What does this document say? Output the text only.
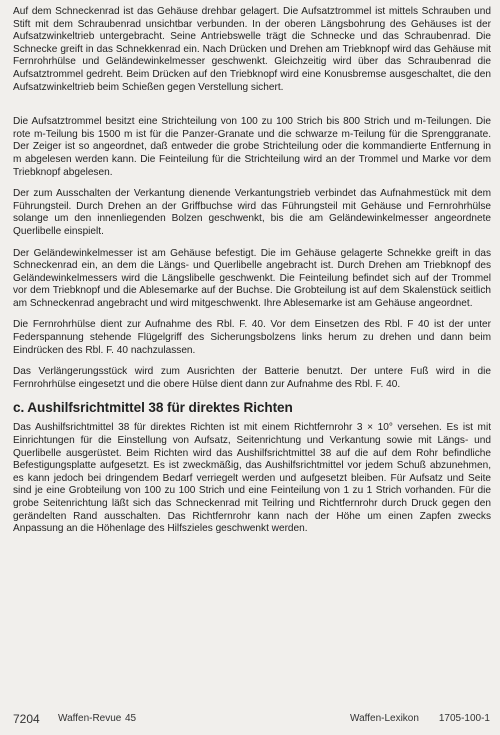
Auf dem Schneckenrad ist das Gehäuse drehbar gelagert. Die Aufsatztrommel ist mittels Schrauben und Stift mit dem Schraubenrad unsichtbar verbunden. In der oberen Längsbohrung des Gehäuses ist der Aufsatzwinkeltrieb untergebracht. Seine Antriebswelle trägt die Schnecke und das Schraubenrad. Die Schnecke greift in das Schnekkenrad ein. Nach Drücken und Drehen am Triebknopf wird das Gehäuse mit Fernrohrhülse und Geländewinkelmesser geschwenkt. Gleichzeitig wird über das Schraubenrad die Aufsatztrommel gedreht. Beim Drücken auf den Triebknopf wird eine Konusbremse ausgeschaltet, die den Aufsatzwinkeltrieb beim Schießen gegen Verstellung sichert.

Die Aufsatztrommel besitzt eine Strichteilung von 100 zu 100 Strich bis 800 Strich und m-Teilungen. Die rote m-Teilung bis 1500 m ist für die Panzer-Granate und die schwarze m-Teilung für die Sprenggranate. Der Zeiger ist so angeordnet, daß entweder die grobe Strichteilung oder die kommandierte Entfernung in m abgelesen werden kann. Die Feinteilung für die Strichteilung wird an der Trommel und Marke vor dem Triebknopf abgelesen.

Der zum Ausschalten der Verkantung dienende Verkantungstrieb verbindet das Aufnahmestück mit dem Führungsteil. Durch Drehen an der Griffbuchse wird das Führungsteil mit Gehäuse und Fernrohrhülse solange um den innenliegenden Bolzen geschwenkt, bis die am Geländewinkelmesser angeordnete Querlibelle einspielt.

Der Geländewinkelmesser ist am Gehäuse befestigt. Die im Gehäuse gelagerte Schnekke greift in das Schneckenrad ein, an dem die Längs- und Querlibelle angebracht ist. Durch Drehen am Triebknopf des Geländewinkelmessers wird die Längslibelle geschwenkt. Die Feinteilung befindet sich auf der Trommel vor dem Triebknopf und die Ablesemarke auf der Buchse. Die Grobteilung ist auf dem Skalenstück seitlich am Schneckenrad angebracht und wird mitgeschwenkt. Ihre Ablesemarke ist am Gehäuse angeordnet.

Die Fernrohrhülse dient zur Aufnahme des Rbl. F. 40. Vor dem Einsetzen des Rbl. F 40 ist der unter Federspannung stehende Flügelgriff des Sicherungsbolzens links herum zu drehen und dann beim Eindrücken des Rbl. F. 40 nachzulassen.

Das Verlängerungsstück wird zum Ausrichten der Batterie benutzt. Der untere Fuß wird in die Fernrohrhülse eingesetzt und die obere Hülse dient dann zur Aufnahme des Rbl. F. 40.

c. Aushilfsrichtmittel 38 für direktes Richten

Das Aushilfsrichtmittel 38 für direktes Richten ist mit einem Richtfernrohr 3 × 10° versehen. Es ist mit Einrichtungen für die Einstellung von Aufsatz, Seitenrichtung und Verkantung sowie mit Längs- und Querlibelle ausgerüstet. Beim Richten wird das Aushilfsrichtmittel 38 auf die auf dem Rohr befindliche Befestigungsplatte aufgesetzt. Es ist zweckmäßig, das Aushilfsrichtmittel vor jedem Schuß abzunehmen, es kann jedoch bei dringendem Bedarf verriegelt werden und aufgesetzt bleiben. Für Aufsatz und Seite sind je eine Grobteilung von 100 zu 100 Strich und eine Feinteilung von 1 zu 1 Strich vorhanden. Für die grobe Seitenrichtung läßt sich das Schneckenrad mit Teilring und Richtfernrohr durch Druck gegen den gerändelten Rand ausschalten. Das Richtfernrohr kann nach der Höhe um einen Zapfen zwecks Anpassung an die Höhenlage des Hilfszieles geschwenkt werden.

7204 Waffen-Revue 45	Waffen-Lexikon 1705-100-1
